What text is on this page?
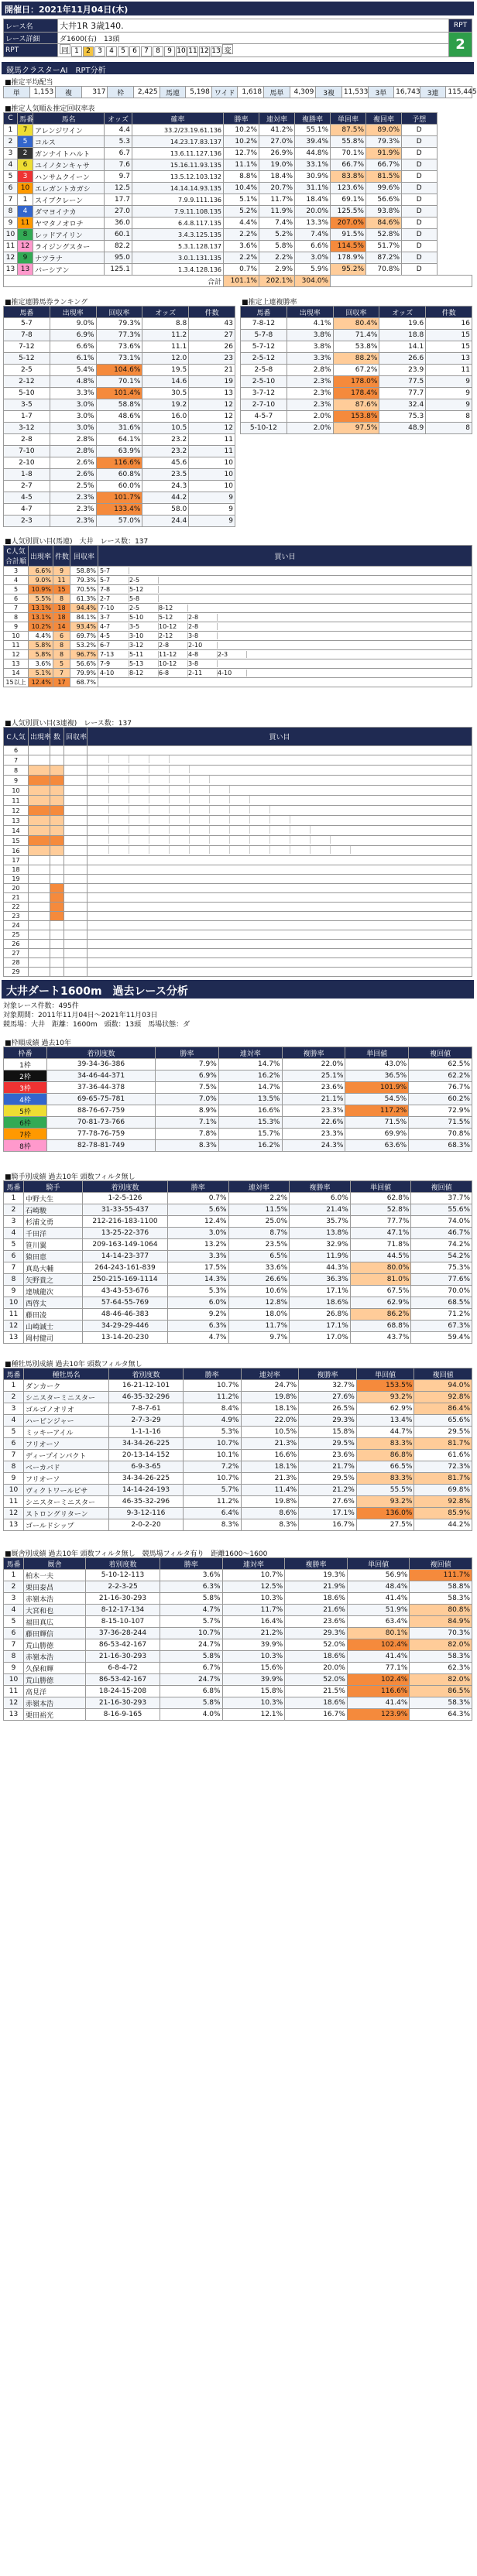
開催日：2021年11月04日(木)
レース名	大井1R 3歳140.	RPT
レース詳細	ダ1600(右)　 13頭	2
RPT	同 1 2 3 4 5 6 7 8 9 10 11 12 13 変	
競馬クラスターAI　RPT分析
■推定平均配当
単	1,153	複	317	枠	2,425	馬連	5,198	ワイド	1,618	馬単	4,309	3複	11,533	3単	16,743	3連	115,445
■推定人気順＆推定回収率表
C	馬番	馬名	オッズ	確率	勝率	連対率	複勝率	単回率	複回率	予想
1	7	アレンジワイン	4.4	33.2/23.19.61.136	10.2%	41.2%	55.1%	87.5%	89.0%	D
2	5	コルス	5.3	14.23.17.83.137	10.2%	27.0%	39.4%	55.8%	79.3%	D
3	2	ガンナイトハルト	6.7	13.6.11.127.136	12.7%	26.9%	44.8%	70.1%	91.9%	D
4	6	ユイノタンキャサ	7.6	15.16.11.93.135	11.1%	19.0%	33.1%	66.7%	66.7%	D
5	3	ハンサムクイーン	9.7	13.5.12.103.132	8.8%	18.4%	30.9%	83.8%	81.5%	D
6	10	エレガントカガシ	12.5	14.14.14.93.135	10.4%	20.7%	31.1%	123.6%	99.6%	D
7	1	スイブクレーン	17.7	7.9.9.111.136	5.1%	11.7%	18.4%	69.1%	56.6%	D
8	4	ダマヨイナカ	27.0	7.9.11.108.135	5.2%	11.9%	20.0%	125.5%	93.8%	D
9	11	ヤマタノオロチ	36.0	6.4.8.117.135	4.4%	7.4%	13.3%	207.0%	84.6%	D
10	8	レッドアイリン	60.1	3.4.3.125.135	2.2%	5.2%	7.4%	91.5%	52.8%	D
11	12	ライジングスター	82.2	5.3.1.128.137	3.6%	5.8%	6.6%	114.5%	51.7%	D
12	9	ナツラナ	95.0	3.0.1.131.135	2.2%	2.2%	3.0%	178.9%	87.2%	D
13	13	バーシアン	125.1	1.3.4.128.136	0.7%	2.9%	5.9%	95.2%	70.8%	D
合計					101.1%	202.1%	304.0%			
■推定連勝馬券ランキング	■推定上連複勝率
馬番	出現率	回収率	オッズ	件数
5-7	9.0%	79.3%	8.8	43
7-8	6.9%	77.3%	11.2	27
7-12	6.6%	73.6%	11.1	26
5-12	6.1%	73.1%	12.0	23
2-5	5.4%	104.6%	19.5	21
2-12	4.8%	70.1%	14.6	19
5-10	3.3%	101.4%	30.5	13
3-5	3.0%	58.8%	19.2	12
1-7	3.0%	48.6%	16.0	12
3-12	3.0%	31.6%	10.5	12
2-8	2.8%	64.1%	23.2	11
7-10	2.8%	63.9%	23.2	11
2-10	2.6%	116.6%	45.6	10
1-8	2.6%	60.8%	23.5	10
2-7	2.5%	60.0%	24.3	10
4-5	2.3%	101.7%	44.2	9
4-7	2.3%	133.4%	58.0	9
2-3	2.3%	57.0%	24.4	9
馬番	出現率	回収率	オッズ	件数
7-8-12	4.1%	80.4%	19.6	16
5-7-8	3.8%	71.4%	18.8	15
5-7-12	3.8%	53.8%	14.1	15
2-5-12	3.3%	88.2%	26.6	13
2-5-8	2.8%	67.2%	23.9	11
2-5-10	2.3%	178.0%	77.5	9
3-7-12	2.3%	178.4%	77.7	9
2-7-10	2.3%	87.6%	32.4	9
4-5-7	2.0%	153.8%	75.3	8
5-10-12	2.0%	97.5%	48.9	8
■人気別買い目(馬連)　大井　レース数：137
C人気
合計順	出現率	件数	回収率	買い目
3	6.6%	9	58.8%	5-7
4	9.0%	11	79.3%	5-7 2-5
5	10.9%	15	70.5%	7-8 5-12
6	5.5%	8	61.3%	2-7 5-8
7	13.1%	18	94.4%	7-10 2-5 8-12
8	13.1%	18	84.1%	3-7 5-10 5-12 2-8
9	10.2%	14	93.4%	4-7 3-5 10-12 2-8
10	4.4%	6	69.7%	4-5 3-10 2-12 3-8
11	5.8%	8	53.2%	6-7 3-12 2-8 2-10
12	5.8%	8	96.7%	7-13 5-11 11-12 4-8 2-3
13	3.6%	5	56.6%	7-9 5-13 10-12 3-8
14	5.1%	7	79.9%	4-10 8-12 6-8 2-11 4-10
15以上	12.4%	17	68.7%	
■人気別買い目(3連複)　レース数：137
C人気	出現率	数	回収率	買い目
6				
7				
8				
9				
10				
11				
12				
13				
14				
15				
16				
17				
18				
19				
20				
21				
22				
23				
24				
25				
26				
27				
28				
29				
大井ダート1600m　過去レース分析
対象レース件数：495件
対象期間：2011年11月04日〜2021年11月03日
競馬場：大井　距離：1600m　頭数：13頭　馬場状態：ダ
■枠順成績 過去10年
枠番	着別度数	勝率	連対率	複勝率	単回値	複回値
1枠	39-34-36-386	7.9%	14.7%	22.0%	43.0%	62.5%
2枠	34-46-44-371	6.9%	16.2%	25.1%	36.5%	62.2%
3枠	37-36-44-378	7.5%	14.7%	23.6%	101.9%	76.7%
4枠	69-65-75-781	7.0%	13.5%	21.1%	54.5%	60.2%
5枠	88-76-67-759	8.9%	16.6%	23.3%	117.2%	72.9%
6枠	70-81-73-766	7.1%	15.3%	22.6%	71.5%	71.5%
7枠	77-78-76-759	7.8%	15.7%	23.3%	69.9%	70.8%
8枠	82-78-81-749	8.3%	16.2%	24.3%	63.6%	68.3%
■騎手別成績 過去10年 頭数フィルタ無し
馬番	騎手	着別度数	勝率	連対率	複勝率	単回値	複回値
1	中野大生	1-2-5-126	0.7%	2.2%	6.0%	62.8%	37.7%
2	石崎駿	31-33-55-437	5.6%	11.5%	21.4%	52.8%	55.6%
3	杉浦文勇	212-216-183-1100	12.4%	25.0%	35.7%	77.7%	74.0%
4	千田洋	13-25-22-376	3.0%	8.7%	13.8%	47.1%	46.7%
5	笹川翼	209-163-149-1064	13.2%	23.5%	32.9%	71.8%	74.2%
6	猿田恵	14-14-23-377	3.3%	6.5%	11.9%	44.5%	54.2%
7	真島大輔	264-243-161-839	17.5%	33.6%	44.3%	80.0%	75.3%
8	矢野貴之	250-215-169-1114	14.3%	26.6%	36.3%	81.0%	77.6%
9	達城龍次	43-43-53-676	5.3%	10.6%	17.1%	67.5%	70.0%
10	西啓太	57-64-55-769	6.0%	12.8%	18.6%	62.9%	68.5%
11	藤田凌	48-46-46-383	9.2%	18.0%	26.8%	86.2%	71.2%
12	山崎誠士	34-29-29-446	6.3%	11.7%	17.1%	68.8%	67.3%
13	岡村健司	13-14-20-230	4.7%	9.7%	17.0%	43.7%	59.4%
■種牡馬別成績 過去10年 頭数フィルタ無し
馬番	種牡馬名	着別度数	勝率	連対率	複勝率	単回値	複回値
1	ダンカーク	16-21-12-101	10.7%	24.7%	32.7%	153.5%	94.0%
2	シニスターミニスター	46-35-32-296	11.2%	19.8%	27.6%	93.2%	92.8%
3	ゴルゴノオリオ	7-8-7-61	8.4%	18.1%	26.5%	62.9%	86.4%
4	ハービンジャー	2-7-3-29	4.9%	22.0%	29.3%	13.4%	65.6%
5	ミッキーアイル	1-1-1-16	5.3%	10.5%	15.8%	44.7%	29.5%
6	フリオーソ	34-34-26-225	10.7%	21.3%	29.5%	83.3%	81.7%
7	ディープインパクト	20-13-14-152	10.1%	16.6%	23.6%	86.8%	61.6%
8	ベーカバド	6-9-3-65	7.2%	18.1%	21.7%	66.5%	72.3%
9	フリオーソ	34-34-26-225	10.7%	21.3%	29.5%	83.3%	81.7%
10	ヴィクトワールピサ	14-14-24-193	5.7%	11.4%	21.2%	55.5%	69.8%
11	シニスターミニスター	46-35-32-296	11.2%	19.8%	27.6%	93.2%	92.8%
12	ストロングリターン	9-3-12-116	6.4%	8.6%	17.1%	136.0%	85.9%
13	ゴールドシップ	2-0-2-20	8.3%	8.3%	16.7%	27.5%	44.2%
■厩舎別成績 過去10年 頭数フィルタ無し　競馬場フィルタ有り　距離1600〜1600
馬番	厩舎	着別度数	勝率	連対率	複勝率	単回値	複回値
1	柏木一夫	5-10-12-113	3.6%	10.7%	19.3%	56.9%	111.7%
2	栗田泰昌	2-2-3-25	6.3%	12.5%	21.9%	48.4%	58.8%
3	赤嶺本浩	21-16-30-293	5.8%	10.3%	18.6%	41.4%	58.3%
4	大宮和也	8-12-17-134	4.7%	11.7%	21.6%	51.9%	80.8%
5	福田真広	8-15-10-107	5.7%	16.4%	23.6%	63.4%	84.9%
6	藤田輝信	37-36-28-244	10.7%	21.2%	29.3%	80.1%	70.3%
7	荒山勝徳	86-53-42-167	24.7%	39.9%	52.0%	102.4%	82.0%
8	赤嶺本浩	21-16-30-293	5.8%	10.3%	18.6%	41.4%	58.3%
9	久保和輝	6-8-4-72	6.7%	15.6%	20.0%	77.1%	62.3%
10	荒山勝徳	86-53-42-167	24.7%	39.9%	52.0%	102.4%	82.0%
11	高見洋	18-24-15-208	6.8%	15.8%	21.5%	116.6%	86.5%
12	赤嶺本浩	21-16-30-293	5.8%	10.3%	18.6%	41.4%	58.3%
13	栗田裕光	8-16-9-165	4.0%	12.1%	16.7%	123.9%	64.3%
